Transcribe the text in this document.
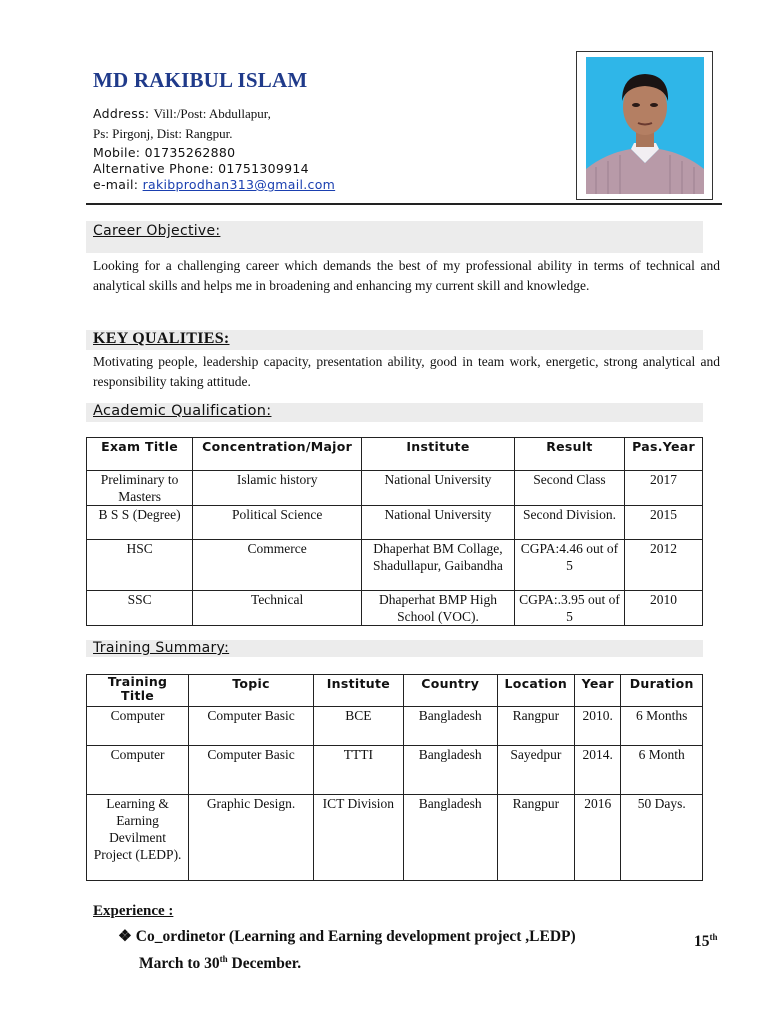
MD RAKIBUL ISLAM
Address: Vill:/Post: Abdullapur,
Ps: Pirgonj, Dist: Rangpur.
Mobile: 01735262880
Alternative Phone: 01751309914
e-mail: rakibprodhan313@gmail.com
Career Objective:
Looking for a challenging career which demands the best of my professional ability in terms of technical and analytical skills and helps me in broadening and enhancing my current skill and knowledge.
KEY QUALITIES:
Motivating people, leadership capacity, presentation ability, good in team work, energetic, strong analytical and responsibility taking attitude.
Academic Qualification:
Exam Title	Concentration/Major	Institute	Result	Pas.Year
Preliminary to Masters	Islamic history	National University	Second Class	2017
B S S (Degree)	Political Science	National University	Second Division.	2015
HSC	Commerce	Dhaperhat BM Collage, Shadullapur, Gaibandha	CGPA:4.46 out of 5	2012
SSC	Technical	Dhaperhat BMP High School (VOC).	CGPA:.3.95 out of 5	2010
Training Summary:
Training Title	Topic	Institute	Country	Location	Year	Duration
Computer	Computer Basic	BCE	Bangladesh	Rangpur	2010.	6 Months
Computer	Computer Basic	TTTI	Bangladesh	Sayedpur	2014.	6 Month
Learning & Earning Devilment Project (LEDP).	Graphic Design.	ICT Division	Bangladesh	Rangpur	2016	50 Days.
Experience :
❖ Co_ordinetor (Learning and Earning development project ,LEDP)	15th
March to 30th December.
